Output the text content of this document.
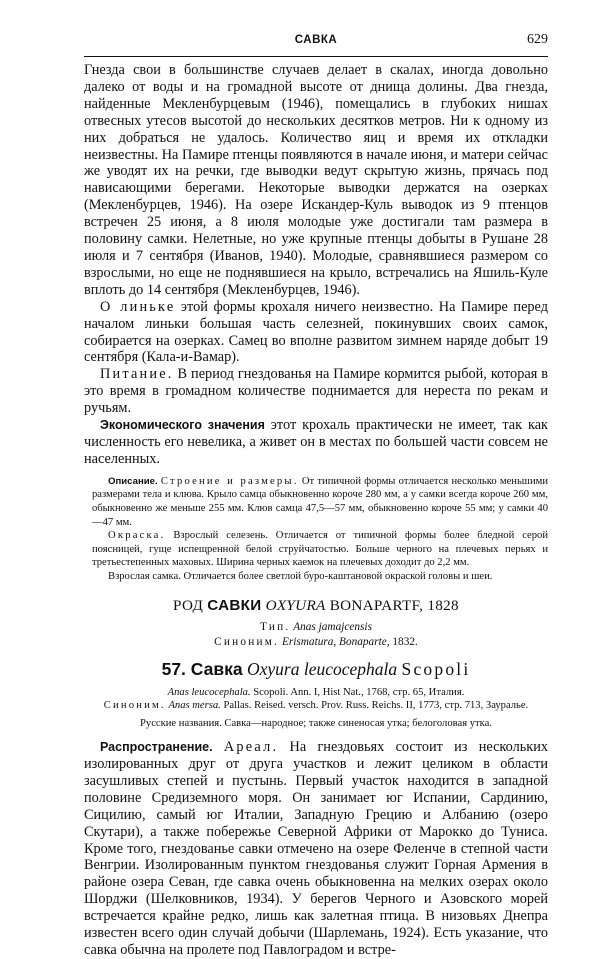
САВКА	629

Гнезда свои в большинстве случаев делает в скалах, иногда довольно далеко от воды и на громадной высоте от днища долины. Два гнезда, найденные Мекленбурцевым (1946), помещались в глубоких нишах отвесных утесов высотой до нескольких десятков метров. Ни к одному из них добраться не удалось. Количество яиц и время их откладки неизвестны. На Памире птенцы появляются в начале июня, и матери сейчас же уводят их на речки, где выводки ведут скрытую жизнь, прячась под нависающими берегами. Некоторые выводки держатся на озерках (Мекленбурцев, 1946). На озере Искандер-Куль выводок из 9 птенцов встречен 25 июня, а 8 июля молодые уже достигали там размера в половину самки. Нелетные, но уже крупные птенцы добыты в Рушане 28 июля и 7 сентября (Иванов, 1940). Молодые, сравнявшиеся размером со взрослыми, но еще не поднявшиеся на крыло, встречались на Яшиль-Куле вплоть до 14 сентября (Мекленбурцев, 1946).

О линьке этой формы крохаля ничего неизвестно. На Памире перед началом линьки большая часть селезней, покинувших своих самок, собирается на озерках. Самец во вполне развитом зимнем наряде добыт 19 сентября (Кала-и-Вамар).

Питание. В период гнездованья на Памире кормится рыбой, которая в это время в громадном количестве поднимается для нереста по рекам и ручьям.

Экономического значения этот крохаль практически не имеет, так как численность его невелика, а живет он в местах по большей части совсем не населенных.

Описание. Строение и размеры. От типичной формы отличается несколько меньшими размерами тела и клюва. Крыло самца обыкновенно короче 280 мм, а у самки всегда короче 260 мм, обыкновенно же меньше 255 мм. Клюв самца 47,5—57 мм, обыкновенно короче 55 мм; у самки 40—47 мм.

Окраска. Взрослый селезень. Отличается от типичной формы более бледной серой поясницей, гуще испещренной белой струйчатостью. Больше черного на плечевых перьях и третьестепенных маховых. Ширина черных каемок на плечевых доходит до 2,2 мм.

Взрослая самка. Отличается более светлой буро-каштановой окраской головы и шеи.

РОД САВКИ OXYURA BONAPARTF, 1828

Тип. Anas jamajcensis

Синоним. Erismatura, Bonaparte, 1832.

57. Савка Oxyura leucocephala Scopoli

Anas leucocephala. Scopoli. Ann. I, Hist Nat., 1768, стр. 65, Италия.

Синоним. Anas mersa. Pallas. Reised. versch. Prov. Russ. Reichs. II, 1773, стр. 713, Зауралье.

Русские названия. Савка—народное; также синеносая утка; белоголовая утка.

Распространение. Ареал. На гнездовьях состоит из нескольких изолированных друг от друга участков и лежит целиком в области засушливых степей и пустынь. Первый участок находится в западной половине Средиземного моря. Он занимает юг Испании, Сардинию, Сицилию, самый юг Италии, Западную Грецию и Албанию (озеро Скутари), а также побережье Северной Африки от Марокко до Туниса. Кроме того, гнездованье савки отмечено на озере Феленче в степной части Венгрии. Изолированным пунктом гнездованья служит Горная Армения в районе озера Севан, где савка очень обыкновенна на мелких озерах около Шорджи (Шелковников, 1934). У берегов Черного и Азовского морей встречается крайне редко, лишь как залетная птица. В низовьях Днепра известен всего один случай добычи (Шарлемань, 1924). Есть указание, что савка обычна на пролете под Павлоградом и встре-
